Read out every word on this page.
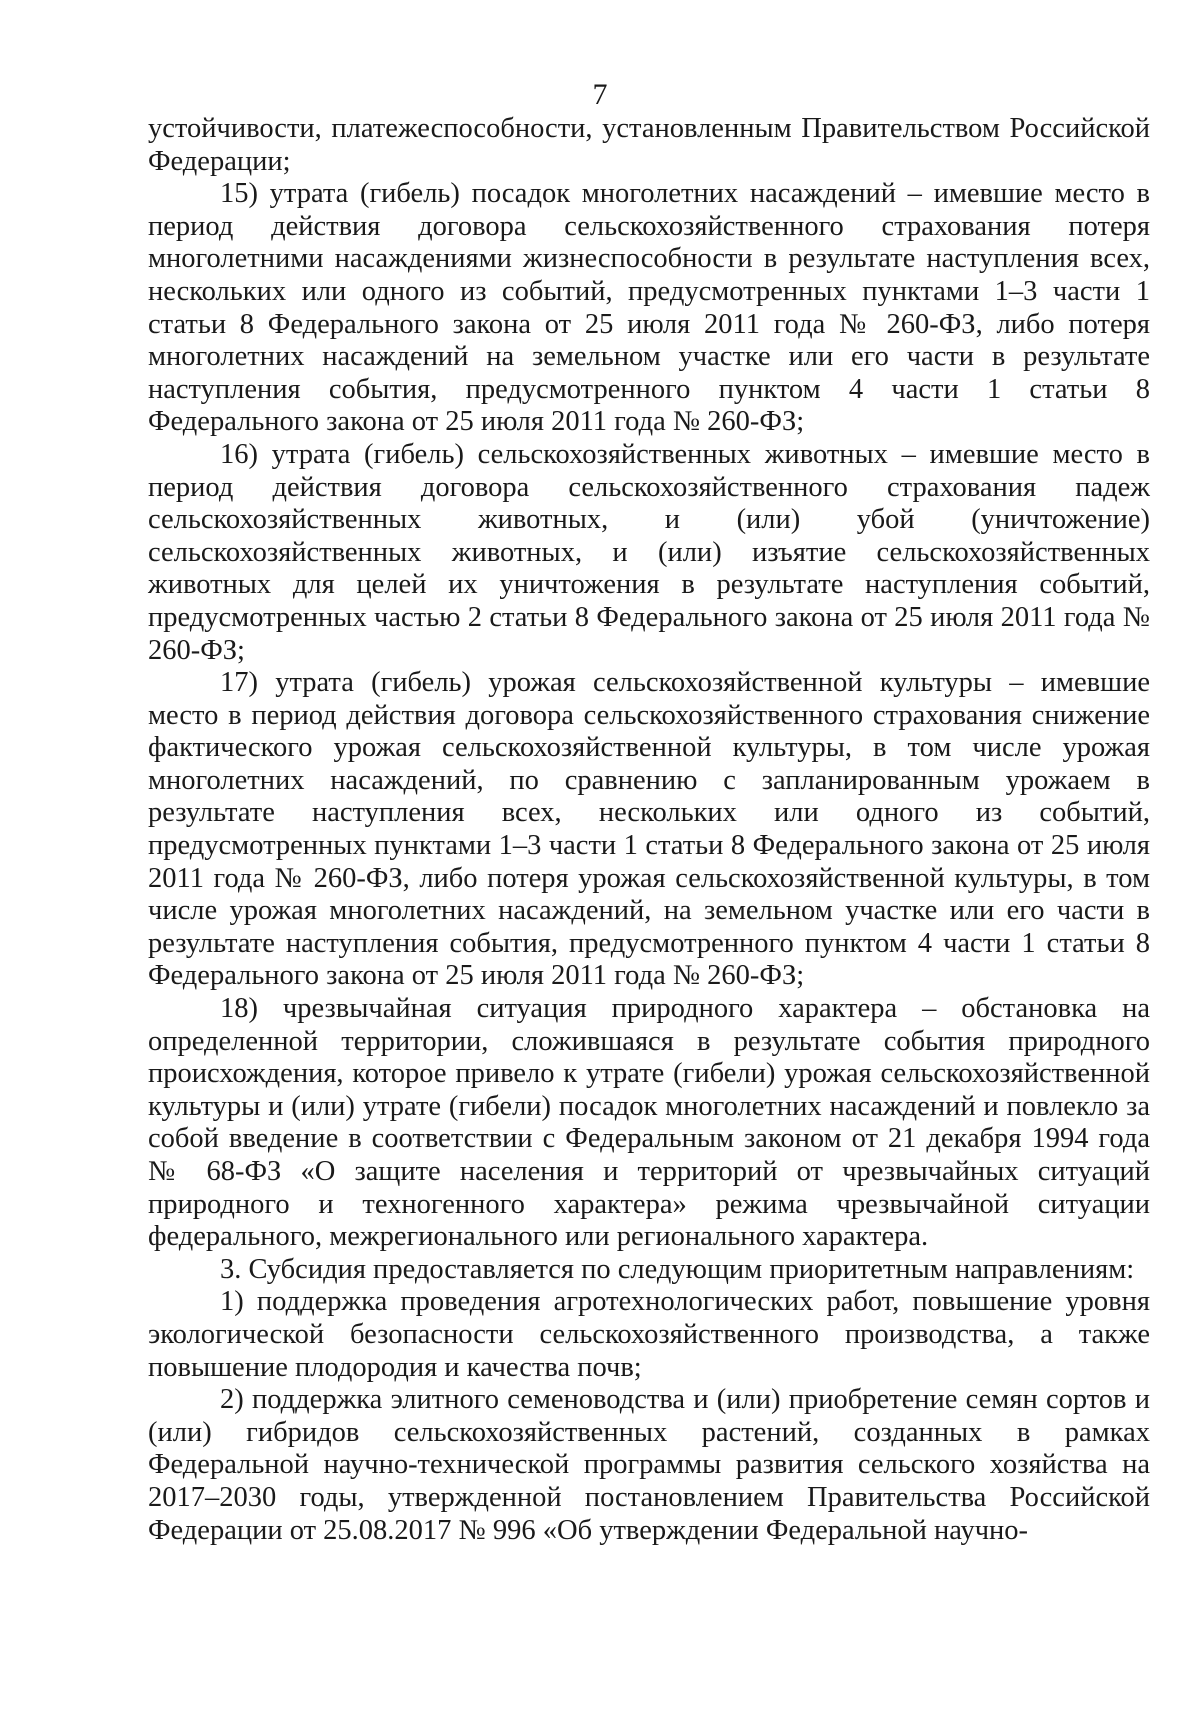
7

устойчивости, платежеспособности, установленным Правительством Российской Федерации;

15) утрата (гибель) посадок многолетних насаждений – имевшие место в период действия договора сельскохозяйственного страхования потеря многолетними насаждениями жизнеспособности в результате наступления всех, нескольких или одного из событий, предусмотренных пунктами 1–3 части 1 статьи 8 Федерального закона от 25 июля 2011 года № 260-ФЗ, либо потеря многолетних насаждений на земельном участке или его части в результате наступления события, предусмотренного пунктом 4 части 1 статьи 8 Федерального закона от 25 июля 2011 года № 260-ФЗ;

16) утрата (гибель) сельскохозяйственных животных – имевшие место в период действия договора сельскохозяйственного страхования падеж сельскохозяйственных животных, и (или) убой (уничтожение) сельскохозяйственных животных, и (или) изъятие сельскохозяйственных животных для целей их уничтожения в результате наступления событий, предусмотренных частью 2 статьи 8 Федерального закона от 25 июля 2011 года № 260-ФЗ;

17) утрата (гибель) урожая сельскохозяйственной культуры – имевшие место в период действия договора сельскохозяйственного страхования снижение фактического урожая сельскохозяйственной культуры, в том числе урожая многолетних насаждений, по сравнению с запланированным урожаем в результате наступления всех, нескольких или одного из событий, предусмотренных пунктами 1–3 части 1 статьи 8 Федерального закона от 25 июля 2011 года № 260-ФЗ, либо потеря урожая сельскохозяйственной культуры, в том числе урожая многолетних насаждений, на земельном участке или его части в результате наступления события, предусмотренного пунктом 4 части 1 статьи 8 Федерального закона от 25 июля 2011 года № 260-ФЗ;

18) чрезвычайная ситуация природного характера – обстановка на определенной территории, сложившаяся в результате события природного происхождения, которое привело к утрате (гибели) урожая сельскохозяйственной культуры и (или) утрате (гибели) посадок многолетних насаждений и повлекло за собой введение в соответствии с Федеральным законом от 21 декабря 1994 года № 68-ФЗ «О защите населения и территорий от чрезвычайных ситуаций природного и техногенного характера» режима чрезвычайной ситуации федерального, межрегионального или регионального характера.

3. Субсидия предоставляется по следующим приоритетным направлениям:

1) поддержка проведения агротехнологических работ, повышение уровня экологической безопасности сельскохозяйственного производства, а также повышение плодородия и качества почв;

2) поддержка элитного семеноводства и (или) приобретение семян сортов и (или) гибридов сельскохозяйственных растений, созданных в рамках Федеральной научно-технической программы развития сельского хозяйства на 2017–2030 годы, утвержденной постановлением Правительства Российской Федерации от 25.08.2017 № 996 «Об утверждении Федеральной научно-
